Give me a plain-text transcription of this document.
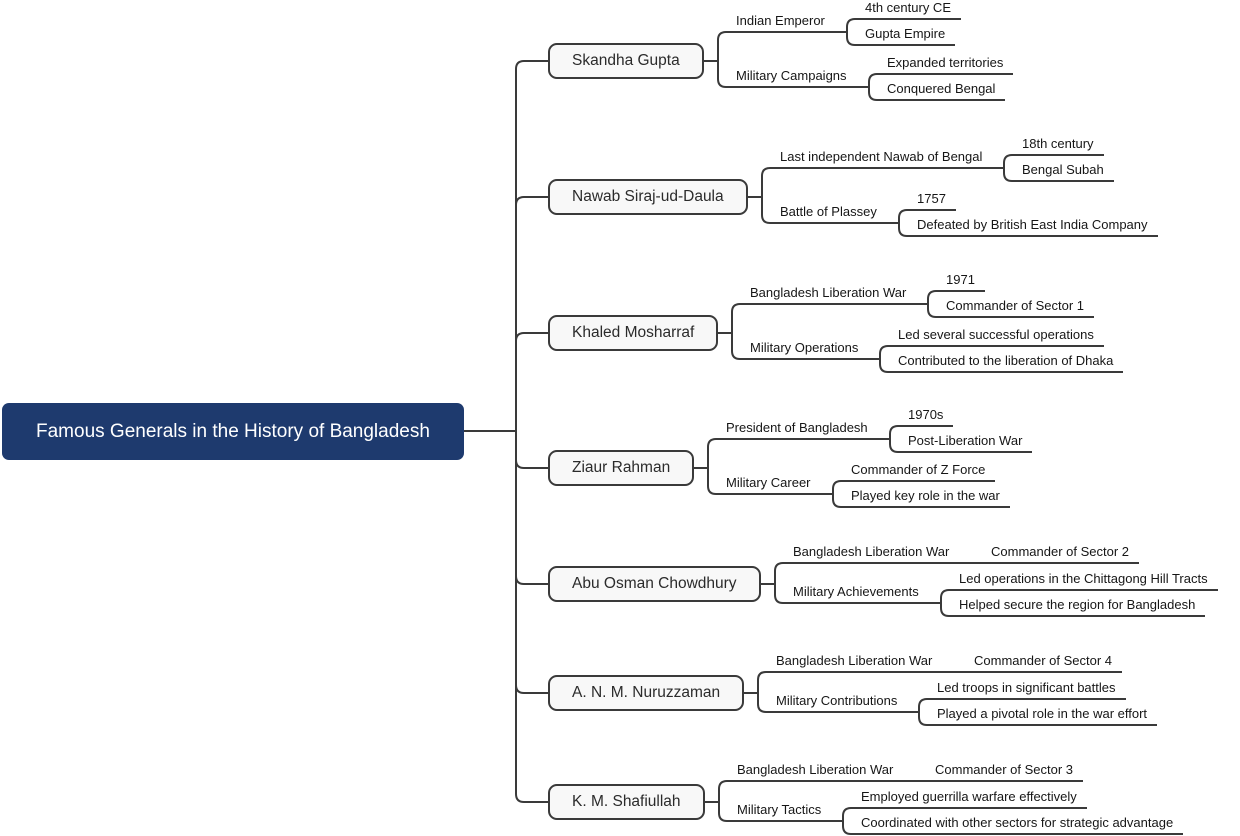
Famous Generals in the History of Bangladesh
Skandha Gupta
Indian Emperor
4th century CE
Gupta Empire
Military Campaigns
Expanded territories
Conquered Bengal
Nawab Siraj-ud-Daula
Last independent Nawab of Bengal
18th century
Bengal Subah
Battle of Plassey
1757
Defeated by British East India Company
Khaled Mosharraf
Bangladesh Liberation War
1971
Commander of Sector 1
Military Operations
Led several successful operations
Contributed to the liberation of Dhaka
Ziaur Rahman
President of Bangladesh
1970s
Post-Liberation War
Military Career
Commander of Z Force
Played key role in the war
Abu Osman Chowdhury
Bangladesh Liberation War	Commander of Sector 2
Military Achievements
Led operations in the Chittagong Hill Tracts
Helped secure the region for Bangladesh
A. N. M. Nuruzzaman
Bangladesh Liberation War	Commander of Sector 4
Military Contributions
Led troops in significant battles
Played a pivotal role in the war effort
K. M. Shafiullah
Bangladesh Liberation War	Commander of Sector 3
Military Tactics
Employed guerrilla warfare effectively
Coordinated with other sectors for strategic advantage
